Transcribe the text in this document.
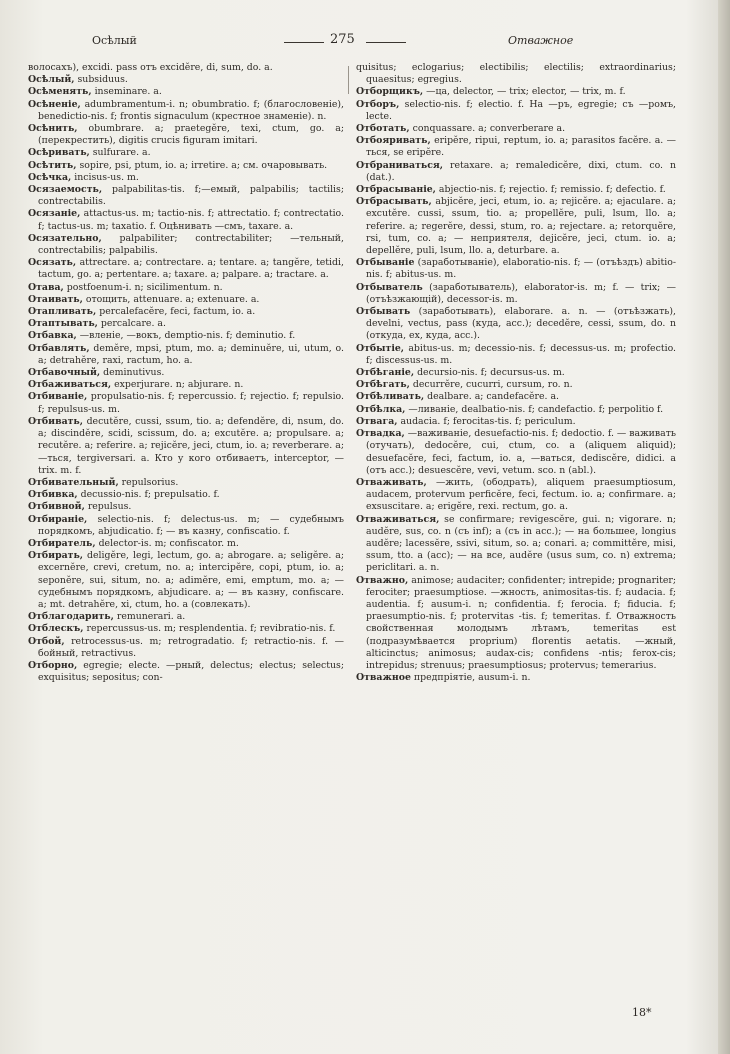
Осѣлый	275	Отважное

волосахъ), excidi. pass отъ excidĕre, di, sum, do. a.

Осѣлый, subsiduus.

Осѣменять, inseminare. a.

Осѣненіе, adumbramentum-i. n; obumbratio. f; (благословеніе), benedictio-nis. f; frontis signaculum (крестное знаменіе). n.

Осѣнить, obumbrare. a; praetegĕre, texi, ctum, go. a; (перекрестить), digitis crucis figuram imitari.

Осѣривать, sulfurare. a.

Осѣтить, sopire, psi, ptum, io. a; irretire. a; см. очаровывать.

Осѣчка, incisus-us. m.

Осязаемость, palpabilitas-tis. f;—емый, palpabilis; tactilis; contrectabilis.

Осязаніе, attactus-us. m; tactio-nis. f; attrectatio. f; contrectatio. f; tactus-us. m; taxatio. f. Оцѣнивать —смъ, taxare. a.

Осязательно, palpabiliter; contrectabiliter; —тельный, contrectabilis; palpabilis.

Осязать, attrectare. a; contrectare. a; tentare. a; tangĕre, tetidi, tactum, go. a; pertentare. a; taxare. a; palpare. a; tractare. a.

Отава, postfoenum-i. n; sicilimentum. n.

Отаивать, отощить, attenuare. a; extenuare. a.

Отапливать, percalefacĕre, feci, factum, io. a.

Отаптывать, percalcare. a.

Отбавка, —вленіе, —вокъ, demptio-nis. f; deminutio. f.

Отбавлять, demĕre, mpsi, ptum, mo. a; deminuĕre, ui, utum, o. a; detrahĕre, raxi, ractum, ho. a.

Отбавочный, deminutivus.

Отбаживаться, experjurare. n; abjurare. n.

Отбиваніе, propulsatio-nis. f; repercussio. f; rejectio. f; repulsio. f; repulsus-us. m.

Отбивать, decutĕre, cussi, ssum, tio. a; defendĕre, di, nsum, do. a; discindĕre, scidi, scissum, do. a; excutĕre. a; propulsare. a; recutĕre. a; referire. a; rejicĕre, jeci, ctum, io. a; reverberare. a; —ться, tergiversari. a. Кто у кого отбиваетъ, interceptor, — trix. m. f.

Отбивательный, repulsorius.

Отбивка, decussio-nis. f; prepulsatio. f.

Отбивной, repulsus.

Отбираніе, selectio-nis. f; delectus-us. m; — судебнымъ порядкомъ, abjudicatio. f; — въ казну, confiscatio. f.

Отбиратель, delector-is. m; confiscator. m.

Отбирать, deligĕre, legi, lectum, go. a; abrogare. a; seligĕre. a; excernĕre, crevi, cretum, no. a; intercipĕre, copi, ptum, io. a; seponĕre, sui, situm, no. a; adimĕre, emi, emptum, mo. a; — судебнымъ порядкомъ, abjudicare. a; — въ казну, confiscare. a; mt. detrahĕre, xi, ctum, ho. a (совлекать).

Отблагодарить, remunerari. a.

Отблескъ, repercussus-us. m; resplendentia. f; revibratio-nis. f.

Отбой, retrocessus-us. m; retrogradatio. f; retractio-nis. f. —бойный, retractivus.

Отборно, egregie; electe. —рный, delectus; electus; selectus; exquisitus; sepositus; con-

quisitus; eclogarius; electibilis; electilis; extraordinarius; quaesitus; egregius.

Отборщикъ, —ца, delector, — trix; elector, — trix, m. f.

Отборъ, selectio-nis. f; electio. f. На —ръ, egregie; съ —ромъ, lecte.

Отботать, conquassare. a; converberare a.

Отбояривать, eripĕre, ripui, reptum, io. a; parasitos facĕre. a. —ться, se eripĕre.

Отбраниваться, retaxare. a; remaledicĕre, dixi, ctum. co. n (dat.).

Отбрасываніе, abjectio-nis. f; rejectio. f; remissio. f; defectio. f.

Отбрасывать, abjicĕre, jeci, etum, io. a; rejicĕre. a; ejaculare. a; excutĕre. cussi, ssum, tio. a; propellĕre, puli, lsum, llo. a; referire. a; regerĕre, dessi, stum, ro. a; rejectare. a; retorquĕre, rsi, tum, co. a; — неприятеля, dejicĕre, jeci, ctum. io. a; depellĕre, puli, lsum, llo. a, deturbare. a.

Отбываніе (заработываніе), elaboratio-nis. f; — (отъѣздъ) abitio-nis. f; abitus-us. m.

Отбыватель (заработыватель), elaborator-is. m; f. — trix; — (отъѣзжающій), decessor-is. m.

Отбывать (заработывать), elaborare. a. n. — (отъѣзжать), develni, vectus, pass (куда, acc.); decedĕre, cessi, ssum, do. n (откуда, ex, куда, acc.).

Отбытіе, abitus-us. m; decessio-nis. f; decessus-us. m; profectio. f; discessus-us. m.

Отбѣганіе, decursio-nis. f; decursus-us. m.

Отбѣгать, decurrĕre, cucurri, cursum, ro. n.

Отбѣливать, dealbare. a; candefacĕre. a.

Отбѣлка, —ливаніе, dealbatio-nis. f; candefactio. f; perpolitio f.

Отвага, audacia. f; ferocitas-tis. f; periculum.

Отвадка, —важиваніе, desuefactio-nis. f; dedoctio. f. — важивать (отучать), dedocĕre, cui, ctum, co. a (aliquem aliquid); desuefacĕre, feci, factum, io. a, —ваться, dediscĕre, didici. a (отъ acc.); desuescĕre, vevi, vetum. sco. n (abl.).

Отваживать, —жить, (ободрать), aliquem praesumptiosum, audacem, protervum perficĕre, feci, fectum. io. a; confirmare. a; exsuscitare. a; erigĕre, rexi. rectum, go. a.

Отваживаться, se confirmare; revigescĕre, gui. n; vigorare. n; audĕre, sus, co. n (съ inf); a (съ in acc.); — на большее, longius audĕre; lacessĕre, ssivi, situm, so. a; conari. a; committĕre, misi, ssum, tto. a (acc); — на все, audĕre (usus sum, co. n) extrema; periclitari. a. n.

Отважно, animose; audaciter; confidenter; intrepide; prognariter; ferociter; praesumptiose. —жность, animositas-tis. f; audacia. f; audentia. f; ausum-i. n; confidentia. f; ferocia. f; fiducia. f; praesumptio-nis. f; protervitas -tis. f; temeritas. f. Отважность свойственная молодымъ лѣтамъ, temeritas est (подразумѣвается proprium) florentis aetatis. —жный, alticinctus; animosus; audax-cis; confidens -ntis; ferox-cis; intrepidus; strenuus; praesumptiosus; protervus; temerarius.

Отважное предпріятіе, ausum-i. n.

18*
